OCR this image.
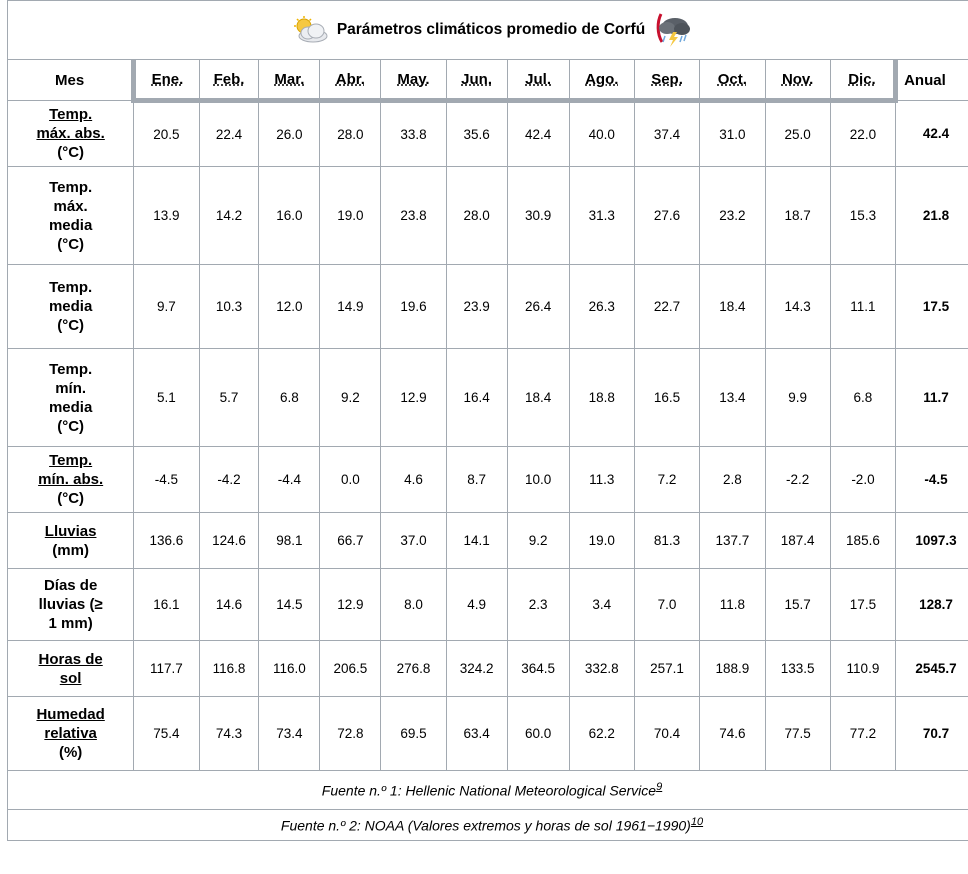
Parámetros climáticos promedio de Corfú													

Mes	Ene.	Feb.	Mar.	Abr.	May.	Jun.	Jul.	Ago.	Sep.	Oct.	Nov.	Dic.	Anual
Temp.
máx. abs.
(°C)	20.5	22.4	26.0	28.0	33.8	35.6	42.4	40.0	37.4	31.0	25.0	22.0	42.4
Temp.
máx.
media
(°C)	13.9	14.2	16.0	19.0	23.8	28.0	30.9	31.3	27.6	23.2	18.7	15.3	21.8
Temp.
media
(°C)	9.7	10.3	12.0	14.9	19.6	23.9	26.4	26.3	22.7	18.4	14.3	11.1	17.5
Temp.
mín.
media
(°C)	5.1	5.7	6.8	9.2	12.9	16.4	18.4	18.8	16.5	13.4	9.9	6.8	11.7
Temp.
mín. abs.
(°C)	-4.5	-4.2	-4.4	0.0	4.6	8.7	10.0	11.3	7.2	2.8	-2.2	-2.0	-4.5
Lluvias
(mm)	136.6	124.6	98.1	66.7	37.0	14.1	9.2	19.0	81.3	137.7	187.4	185.6	1097.3
Días de
lluvias (≥
1 mm)	16.1	14.6	14.5	12.9	8.0	4.9	2.3	3.4	7.0	11.8	15.7	17.5	128.7
Horas de
sol	117.7	116.8	116.0	206.5	276.8	324.2	364.5	332.8	257.1	188.9	133.5	110.9	2545.7
Humedad
relativa
(%)	75.4	74.3	73.4	72.8	69.5	63.4	60.0	62.2	70.4	74.6	77.5	77.2	70.7
Fuente n.º 1: Hellenic National Meteorological Service$^9$
Fuente n.º 2: NOAA (Valores extremos y horas de sol 1961−1990)$^{10}$
